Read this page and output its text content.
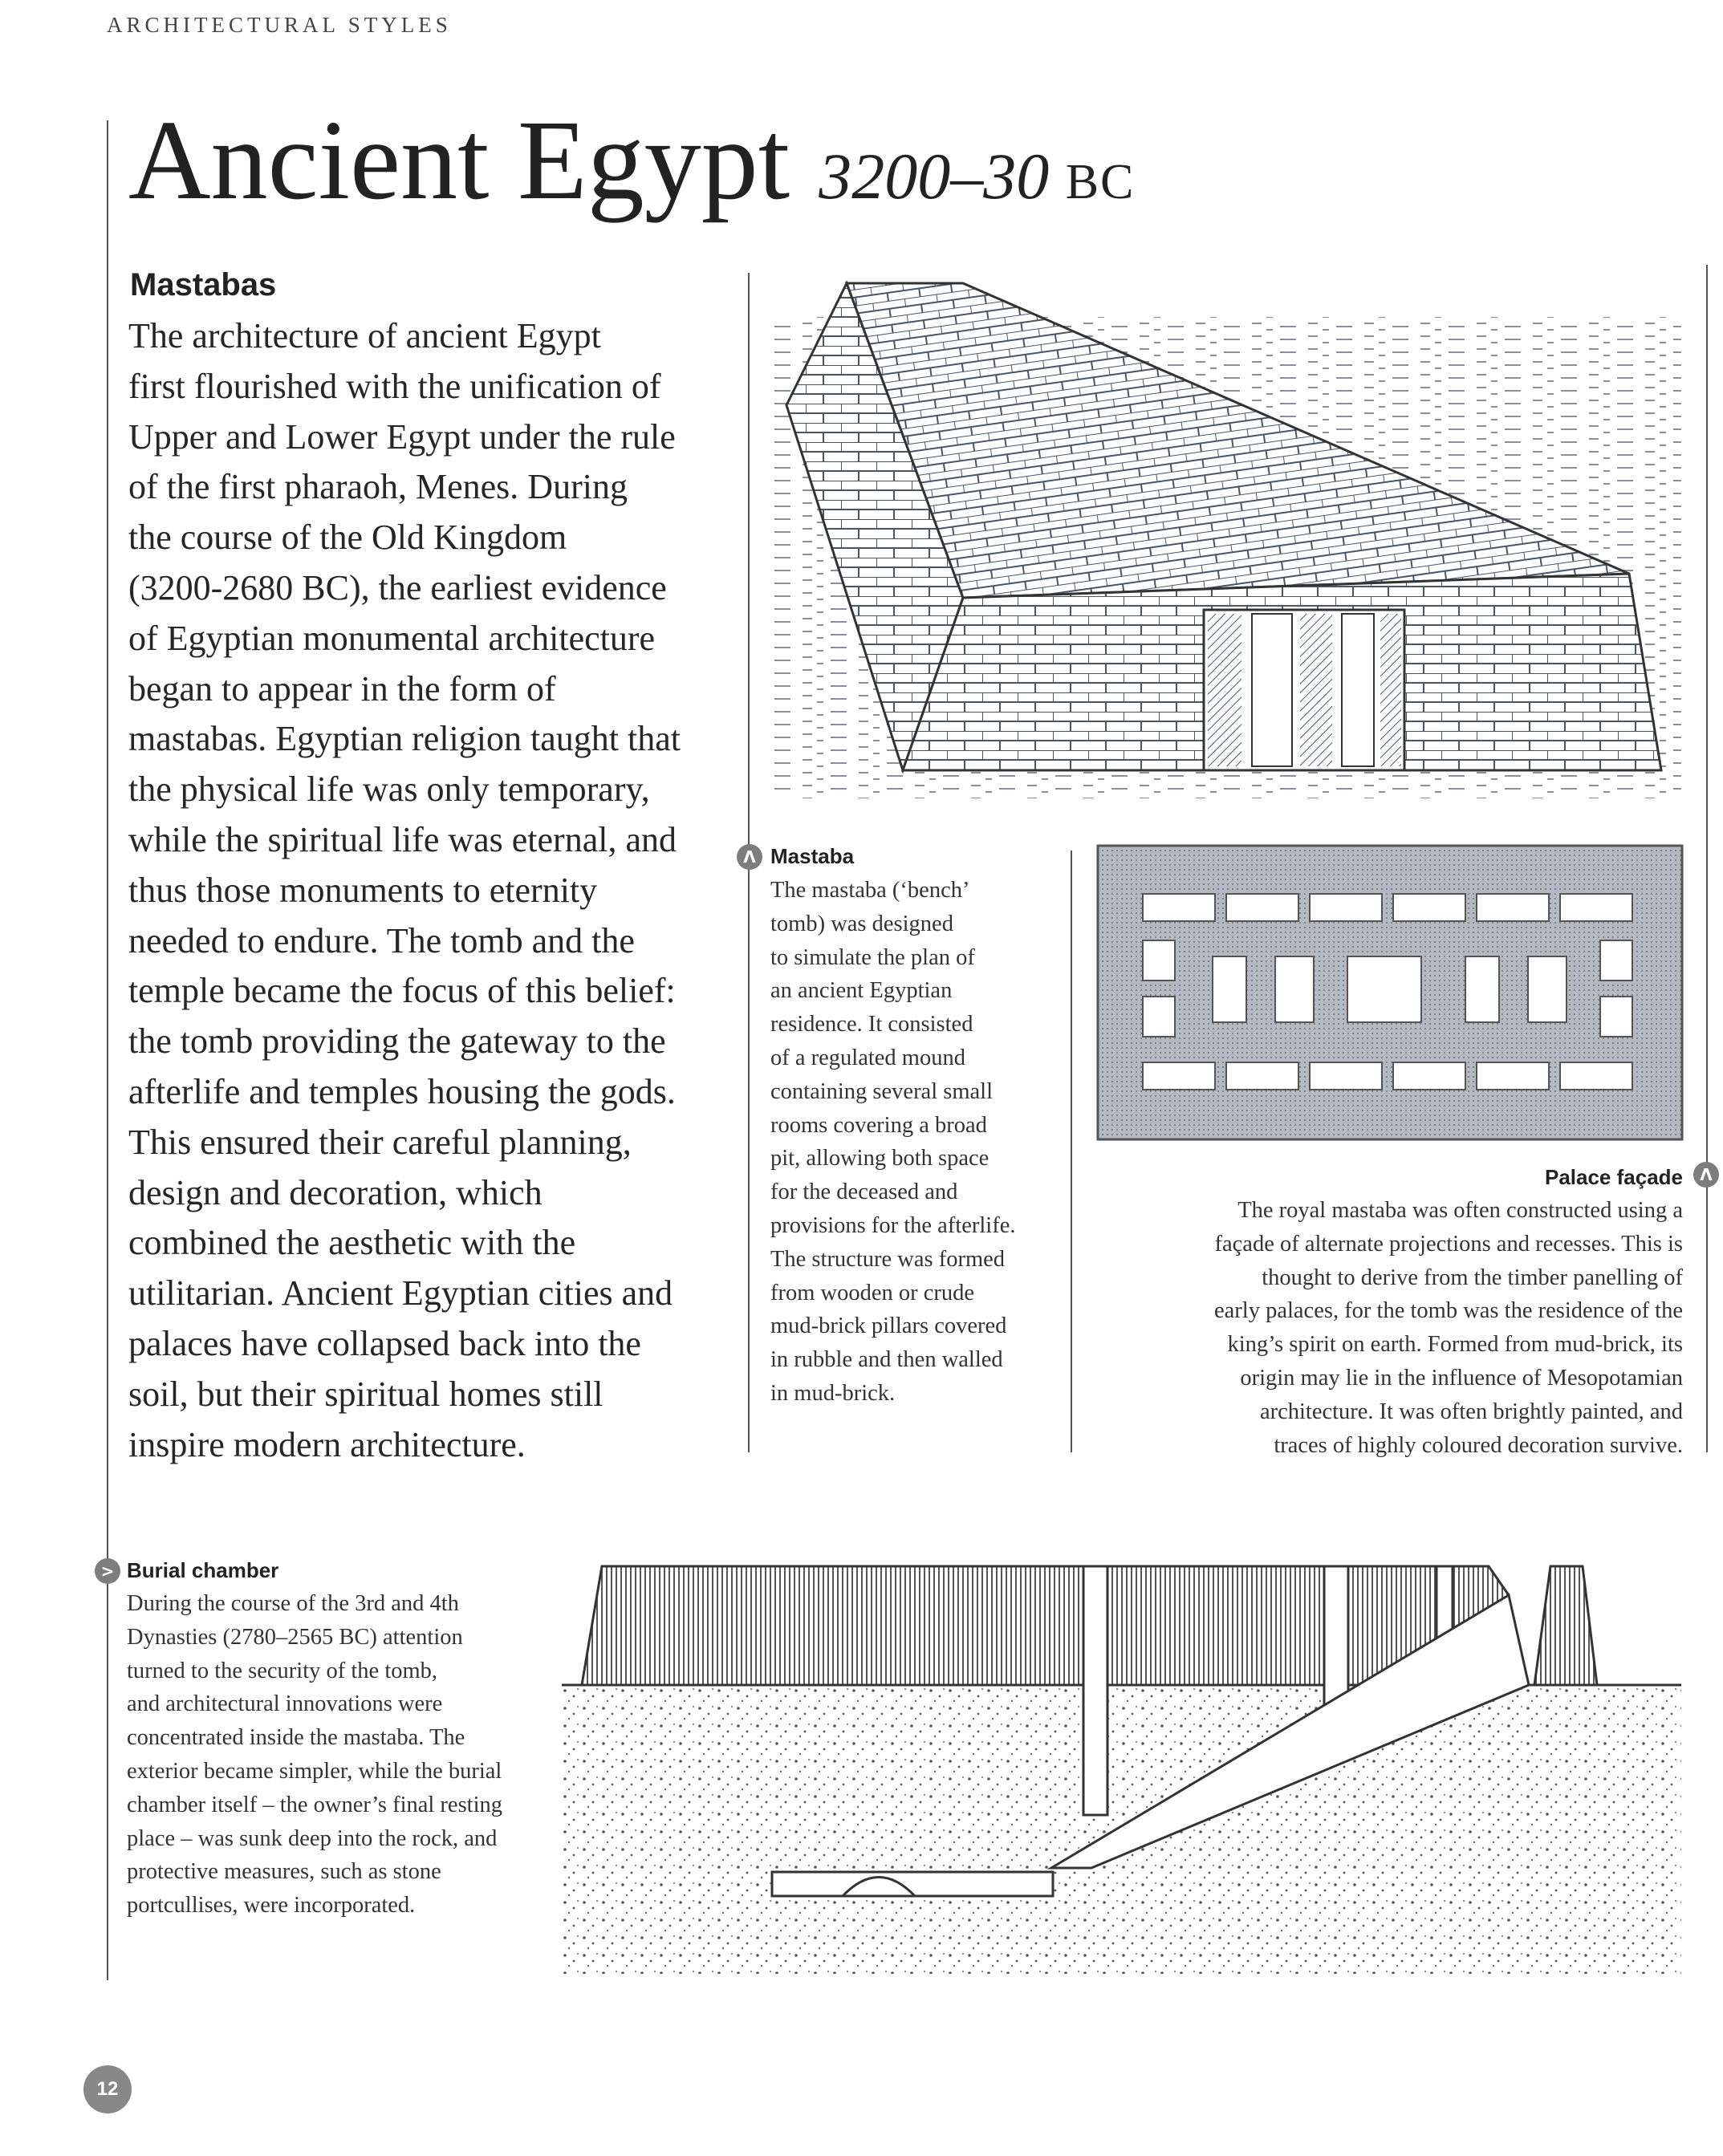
ARCHITECTURAL STYLES
Ancient Egypt 3200–30 BC
Mastabas

The architecture of ancient Egypt

first flourished with the unification of

Upper and Lower Egypt under the rule

of the first pharaoh, Menes. During

the course of the Old Kingdom

(3200-2680 BC), the earliest evidence

of Egyptian monumental architecture

began to appear in the form of

mastabas. Egyptian religion taught that

the physical life was only temporary,

while the spiritual life was eternal, and

thus those monuments to eternity

needed to endure. The tomb and the

temple became the focus of this belief:

the tomb providing the gateway to the

afterlife and temples housing the gods.

This ensured their careful planning,

design and decoration, which

combined the aesthetic with the

utilitarian. Ancient Egyptian cities and

palaces have collapsed back into the

soil, but their spiritual homes still

inspire modern architecture.

Λ Mastaba

The mastaba (‘bench’

tomb) was designed

to simulate the plan of

an ancient Egyptian

residence. It consisted

of a regulated mound

containing several small

rooms covering a broad

pit, allowing both space

for the deceased and

provisions for the afterlife.

The structure was formed

from wooden or crude

mud-brick pillars covered

in rubble and then walled

in mud-brick.

Palace façade	Λ

The royal mastaba was often constructed using a

façade of alternate projections and recesses. This is

thought to derive from the timber panelling of

early palaces, for the tomb was the residence of the

king’s spirit on earth. Formed from mud-brick, its

origin may lie in the influence of Mesopotamian

architecture. It was often brightly painted, and

traces of highly coloured decoration survive.

> Burial chamber

During the course of the 3rd and 4th

Dynasties (2780–2565 BC) attention

turned to the security of the tomb,

and architectural innovations were

concentrated inside the mastaba. The

exterior became simpler, while the burial

chamber itself – the owner’s final resting

place – was sunk deep into the rock, and

protective measures, such as stone

portcullises, were incorporated.

12
